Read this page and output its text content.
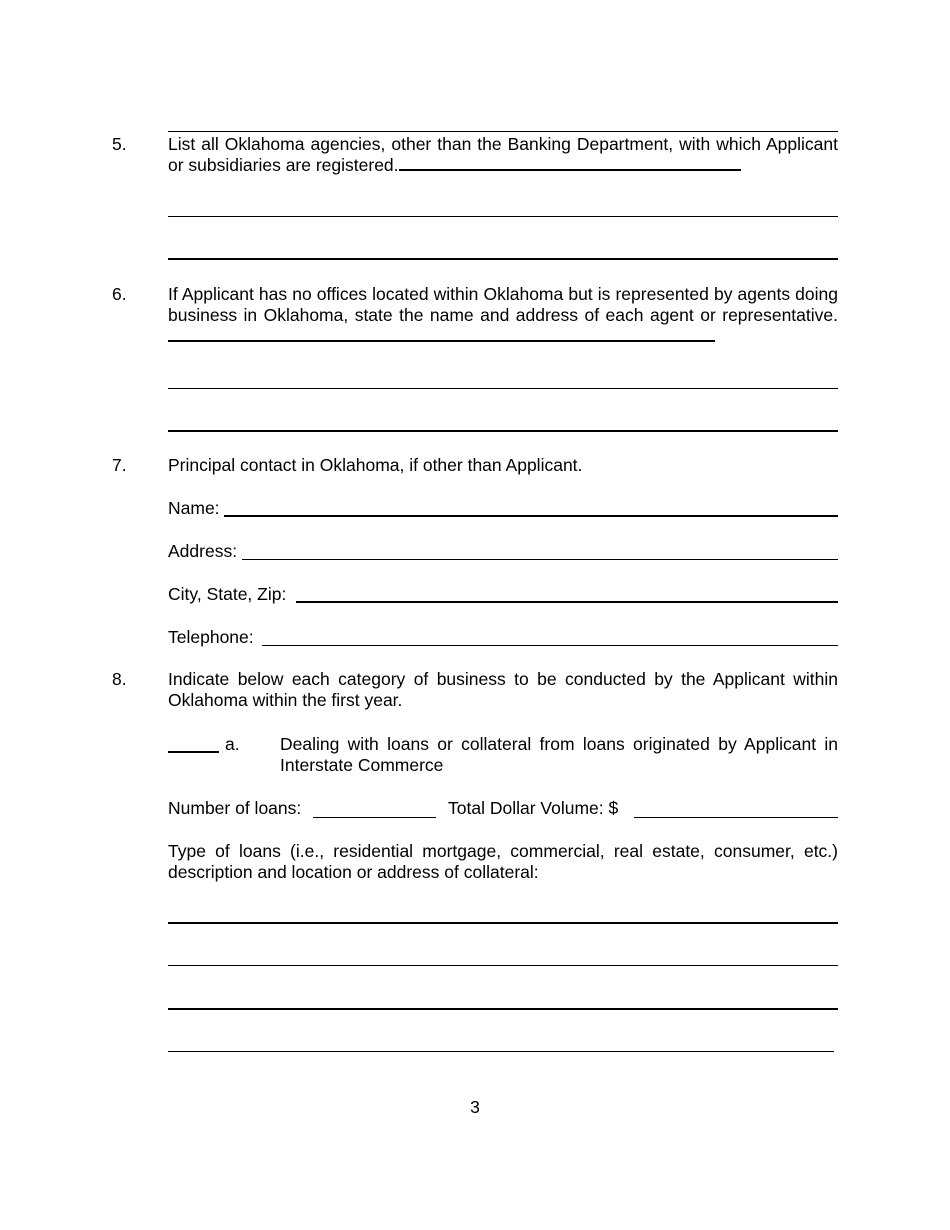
5. List all Oklahoma agencies, other than the Banking Department, with which Applicant or subsidiaries are registered.
6. If Applicant has no offices located within Oklahoma but is represented by agents doing business in Oklahoma, state the name and address of each agent or representative.
7. Principal contact in Oklahoma, if other than Applicant.
Name:
Address:
City, State, Zip:
Telephone:
8. Indicate below each category of business to be conducted by the Applicant within Oklahoma within the first year.
a. Dealing with loans or collateral from loans originated by Applicant in Interstate Commerce
Number of loans:	Total Dollar Volume: $
Type of loans (i.e., residential mortgage, commercial, real estate, consumer, etc.) description and location or address of collateral:
3
